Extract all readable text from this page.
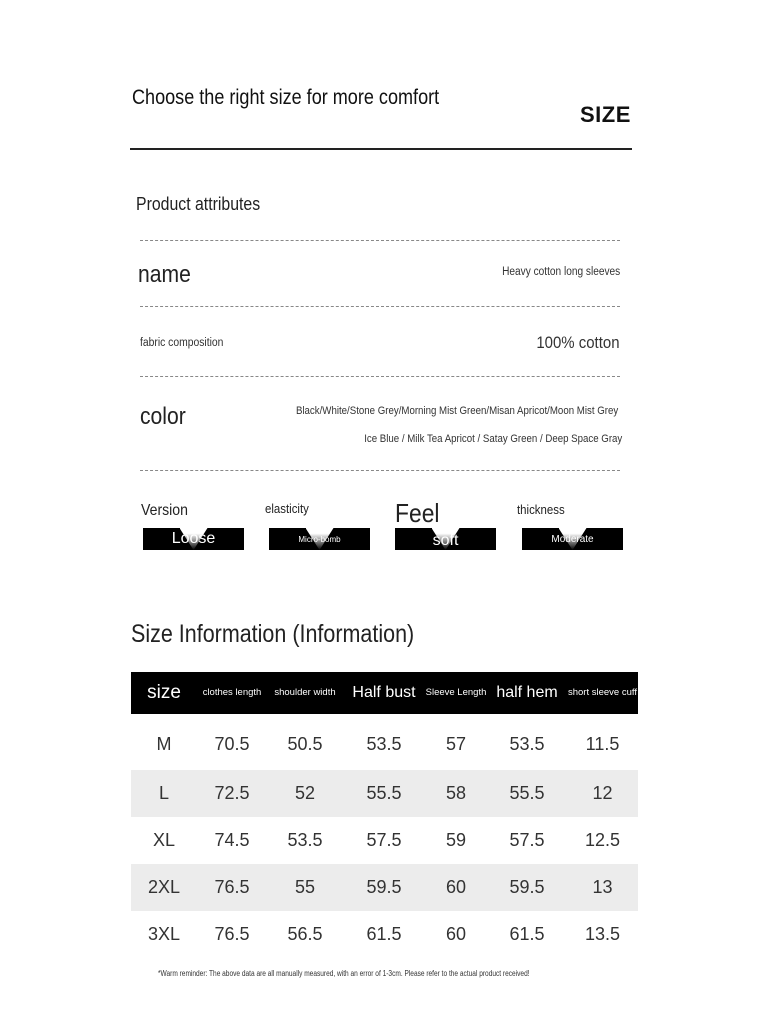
Choose the right size for more comfort
SIZE
Product attributes
name	Heavy cotton long sleeves
fabric composition	100% cotton
color	Black/White/Stone Grey/Morning Mist Green/Misan Apricot/Moon Mist Grey
Ice Blue / Milk Tea Apricot / Satay Green / Deep Space Gray
Version
Loose
elasticity
Micro-bomb
Feel
soft
thickness
Moderate
Size Information (Information)
size	clothes length	shoulder width	Half bust	Sleeve Length	half hem	short sleeve cuff
M	70.5	50.5	53.5	57	53.5	11.5
L	72.5	52	55.5	58	55.5	12
XL	74.5	53.5	57.5	59	57.5	12.5
2XL	76.5	55	59.5	60	59.5	13
3XL	76.5	56.5	61.5	60	61.5	13.5
*Warm reminder: The above data are all manually measured, with an error of 1-3cm. Please refer to the actual product received!
